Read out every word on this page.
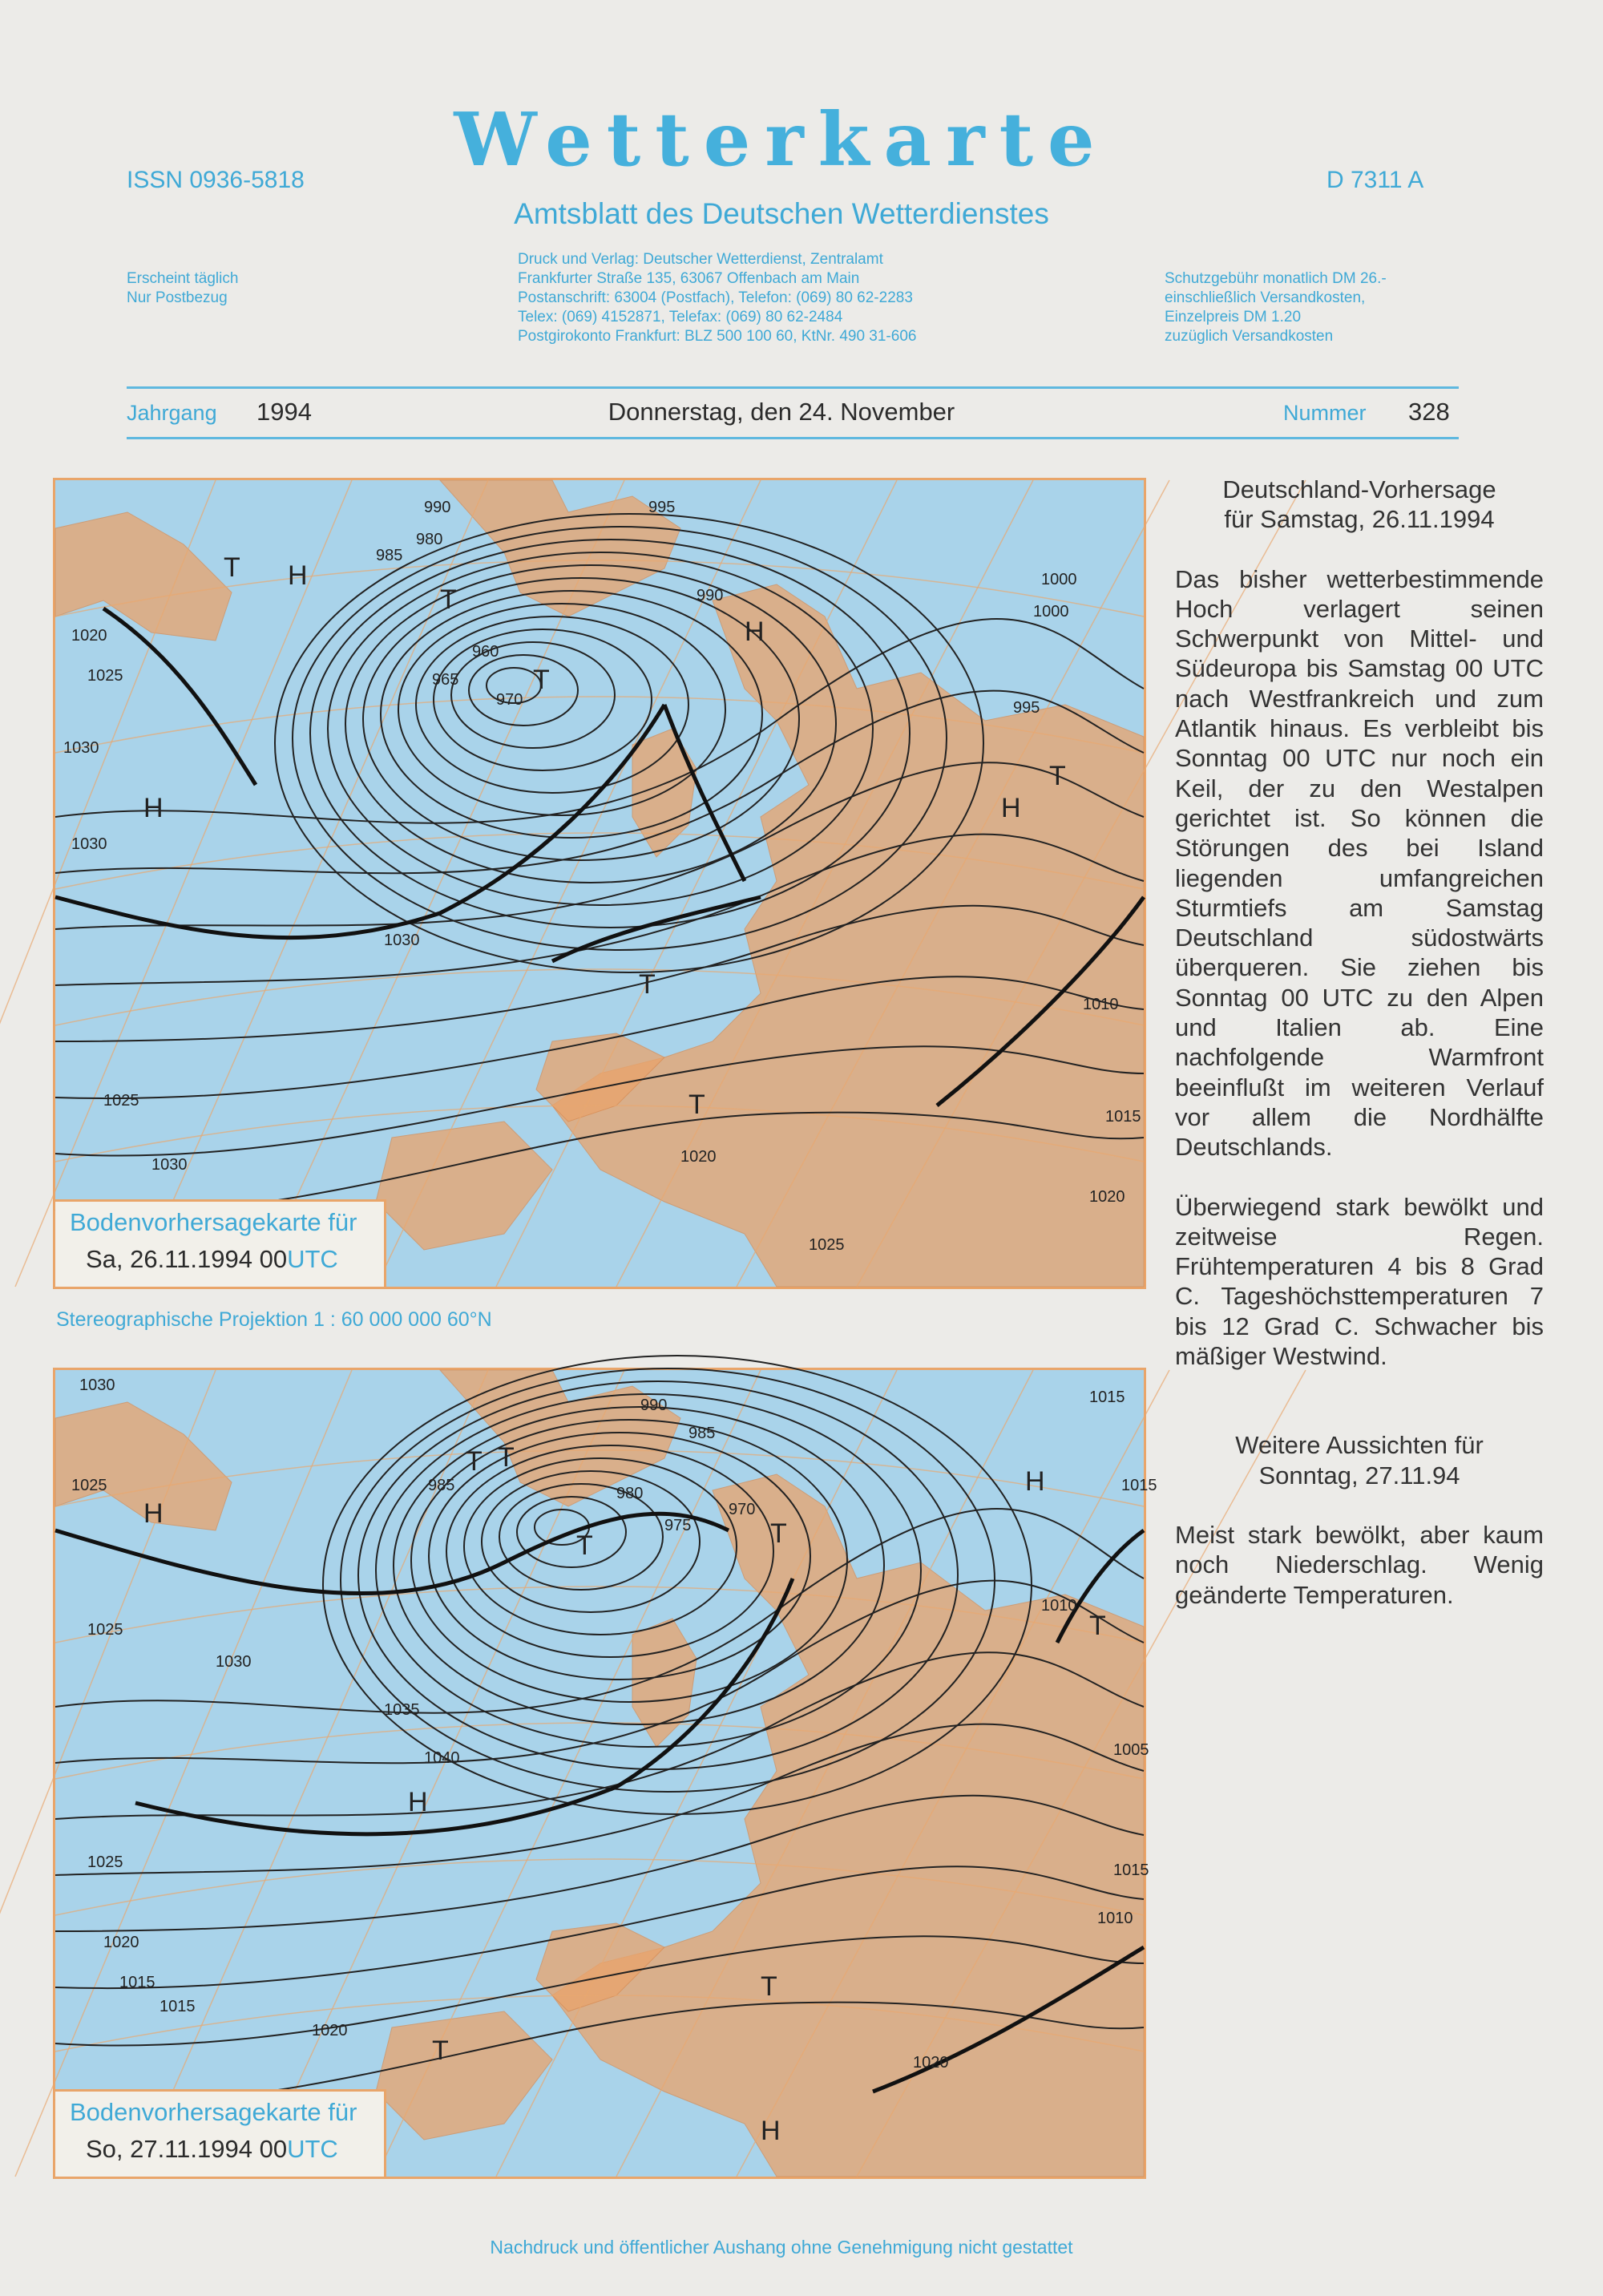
ISSN 0936-5818	Wetterkarte	D 7311 A
Amtsblatt des Deutschen Wetterdienstes
Erscheint täglich
Nur Postbezug
Druck und Verlag: Deutscher Wetterdienst, Zentralamt
Frankfurter Straße 135, 63067 Offenbach am Main
Postanschrift: 63004 (Postfach), Telefon: (069) 80 62-2283
Telex: (069) 4152871, Telefax: (069) 80 62-2484
Postgirokonto Frankfurt: BLZ 500 100 60, KtNr. 490 31-606
Schutzgebühr monatlich DM 26.-
einschließlich Versandkosten,
Einzelpreis DM 1.20
zuzüglich Versandkosten
Jahrgang 1994	Donnerstag, den 24. November	Nummer 328
990	995
985
980
960
965
970
990
1000
1000
1020
1025
1030
1030
1030
1025
1020
1030
1025
1010
1015
1020
995
H
H
T
T
T
T
H
T
H
T
Bodenvorhersagekarte für
Sa, 26.11.1994 00UTC
Stereographische Projektion 1 : 60 000 000 60°N
1030
1025
990
985
985	980
975
970
1015
1015
1025
1030
1035
1040
1010
1005
1010
1025
1020
1015
1015
1020
1015
1020
T
H
T
T	T
H
H
T
T
T
H
Bodenvorhersagekarte für
So, 27.11.1994 00UTC
Deutschland-Vorhersage
für Samstag, 26.11.1994

Das bisher wetterbestimmende Hoch verlagert seinen Schwerpunkt von Mittel- und Südeuropa bis Samstag 00 UTC nach Westfrankreich und zum Atlantik hinaus. Es verbleibt bis Sonntag 00 UTC nur noch ein Keil, der zu den Westalpen gerichtet ist. So können die Störungen des bei Island liegenden umfangreichen Sturmtiefs am Samstag Deutschland südostwärts überqueren. Sie ziehen bis Sonntag 00 UTC zu den Alpen und Italien ab. Eine nachfolgende Warmfront beeinflußt im weiteren Verlauf vor allem die Nordhälfte Deutschlands.

Überwiegend stark bewölkt und zeitweise Regen. Frühtemperaturen 4 bis 8 Grad C. Tageshöchsttemperaturen 7 bis 12 Grad C. Schwacher bis mäßiger Westwind.

Weitere Aussichten für
Sonntag, 27.11.94

Meist stark bewölkt, aber kaum noch Niederschlag. Wenig geänderte Temperaturen.

Nachdruck und öffentlicher Aushang ohne Genehmigung nicht gestattet
